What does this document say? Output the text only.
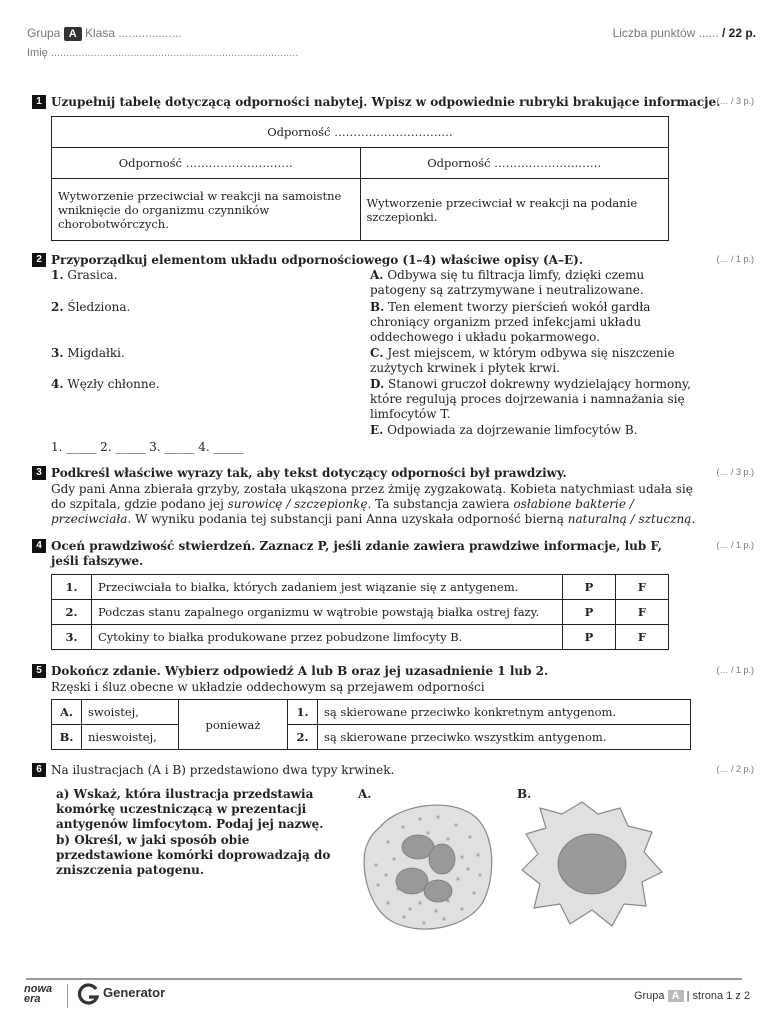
Grupa A Klasa ...................
Imię .................................................................................
Liczba punktów ...... / 22 p.
1 Uzupełnij tabelę dotyczącą odporności nabytej. Wpisz w odpowiednie rubryki brakujące informacje.
(… / 3 p.)
Odporność ……………………….…	
Odporność ………………….……	Odporność ………………….……
Wytworzenie przeciwciał w reakcji na samoistne wniknięcie do organizmu czynników chorobotwórczych.	Wytworzenie przeciwciał w reakcji na podanie szczepionki.
2 Przyporządkuj elementom układu odpornościowego (1–4) właściwe opisy (A–E).	(… / 1 p.)
1. Grasica.
2. Śledziona.
3. Migdałki.
4. Węzły chłonne.
A. Odbywa się tu filtracja limfy, dzięki czemu patogeny są zatrzymywane i neutralizowane.
B. Ten element tworzy pierścień wokół gardła chroniący organizm przed infekcjami układu oddechowego i układu pokarmowego.
C. Jest miejscem, w którym odbywa się niszczenie zużytych krwinek i płytek krwi.
D. Stanowi gruczoł dokrewny wydzielający hormony, które regulują proces dojrzewania i namnażania się limfocytów T.
E. Odpowiada za dojrzewanie limfocytów B.
1. _____ 2. _____ 3. _____ 4. _____
3 Podkreśl właściwe wyrazy tak, aby tekst dotyczący odporności był prawdziwy.	(… / 3 p.)
Gdy pani Anna zbierała grzyby, została ukąszona przez żmiję zygzakowatą. Kobieta natychmiast udała się do szpitala, gdzie podano jej surowicę / szczepionkę. Ta substancja zawiera osłabione bakterie / przeciwciała. W wyniku podania tej substancji pani Anna uzyskała odporność bierną naturalną / sztuczną.
4 Oceń prawdziwość stwierdzeń. Zaznacz P, jeśli zdanie zawiera prawdziwe informacje, lub F, jeśli fałszywe.
(… / 1 p.)
1.	Przeciwciała to białka, których zadaniem jest wiązanie się z antygenem.	P	F
2.	Podczas stanu zapalnego organizmu w wątrobie powstają białka ostrej fazy.	P	F
3.	Cytokiny to białka produkowane przez pobudzone limfocyty B.	P	F
5 Dokończ zdanie. Wybierz odpowiedź A lub B oraz jej uzasadnienie 1 lub 2.	(… / 1 p.)
Rzęski i śluz obecne w układzie oddechowym są przejawem odporności
A.	swoistej,	ponieważ	1.	są skierowane przeciwko konkretnym antygenom.
B.	nieswoistej,		2.	są skierowane przeciwko wszystkim antygenom.
6 Na ilustracjach (A i B) przedstawiono dwa typy krwinek.	(… / 2 p.)
a) Wskaż, która ilustracja przedstawia komórkę uczestniczącą w prezentacji antygenów limfocytom. Podaj jej nazwę.
b) Określ, w jaki sposób obie przedstawione komórki doprowadzają do zniszczenia patogenu.
A.	B.
nowa era	Generator	Grupa A | strona 1 z 2
